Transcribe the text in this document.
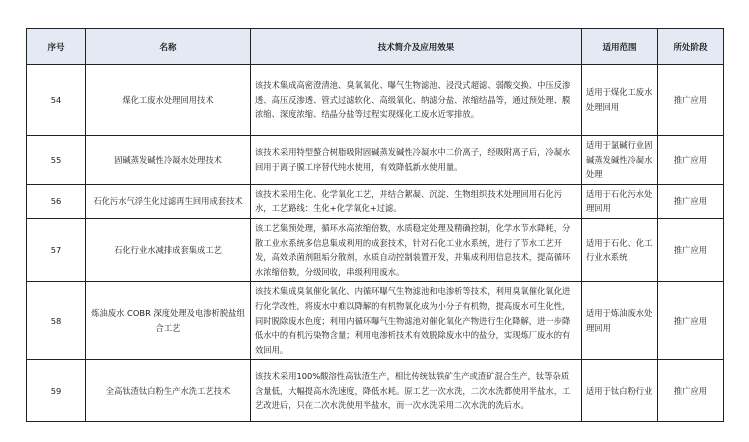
序号	名称	技术简介及应用效果	适用范围	所处阶段
54	煤化工废水处理回用技术	该技术集成高密澄清池、臭氧氧化、曝气生物滤池、浸没式超滤、弱酸交换、中压反渗透、高压反渗透、管式过滤软化、高级氧化、纳滤分盐、浓缩结晶等，通过预处理、膜浓缩、深度浓缩、结晶分盐等过程实现煤化工废水近零排放。	适用于煤化工废水处理回用	推广应用
55	固碱蒸发碱性冷凝水处理技术	该技术采用特型螯合树脂吸附固碱蒸发碱性冷凝水中二价离子，经吸附离子后，冷凝水回用于离子膜工序替代纯水使用，有效降低新水使用量。	适用于氯碱行业固碱蒸发碱性冷凝水处理	推广应用
56	石化污水气浮生化过滤再生回用成套技术	该技术采用生化、化学氧化工艺，并结合絮凝、沉淀、生物组织技术处理回用石化污水，工艺路线：生化+化学氧化+过滤。	适用于石化污水处理回用	推广应用
57	石化行业水减排成套集成工艺	该工艺集预处理，循环水高浓缩倍数，水质稳定处理及精确控制，化学水节水降耗，分散工业水系统多信息集成利用的成套技术，针对石化工业水系统，进行了节水工艺开发，高效杀菌剂阻垢分散剂，水质自动控制装置开发，并集成利用信息技术，提高循环水浓缩倍数，分级回收，串级利用废水。	适用于石化、化工行业水系统	推广应用
58	炼油废水 COBR 深度处理及电渗析脱盐组合工艺	该技术集成臭氧催化氧化、内循环曝气生物滤池和电渗析等技术，利用臭氧催化氧化进行化学改性，将废水中难以降解的有机物氧化成为小分子有机物，提高废水可生化性，同时脱除废水色度；利用内循环曝气生物滤池对催化氧化产物进行生化降解，进一步降低水中的有机污染物含量；利用电渗析技术有效脱除废水中的盐分，实现炼厂废水的有效回用。	适用于炼油废水处理回用	推广应用
59	全高钛渣钛白粉生产水洗工艺技术	该技术采用100%酸溶性高钛渣生产，相比传统钛铁矿生产或渣矿混合生产，钛等杂质含量低，大幅提高水洗速度，降低水耗。原工艺一次水洗，二次水洗都使用半盐水，工艺改进后，只在二次水洗使用半盐水，而一次水洗采用二次水洗的洗后水。	适用于钛白粉行业	推广应用
